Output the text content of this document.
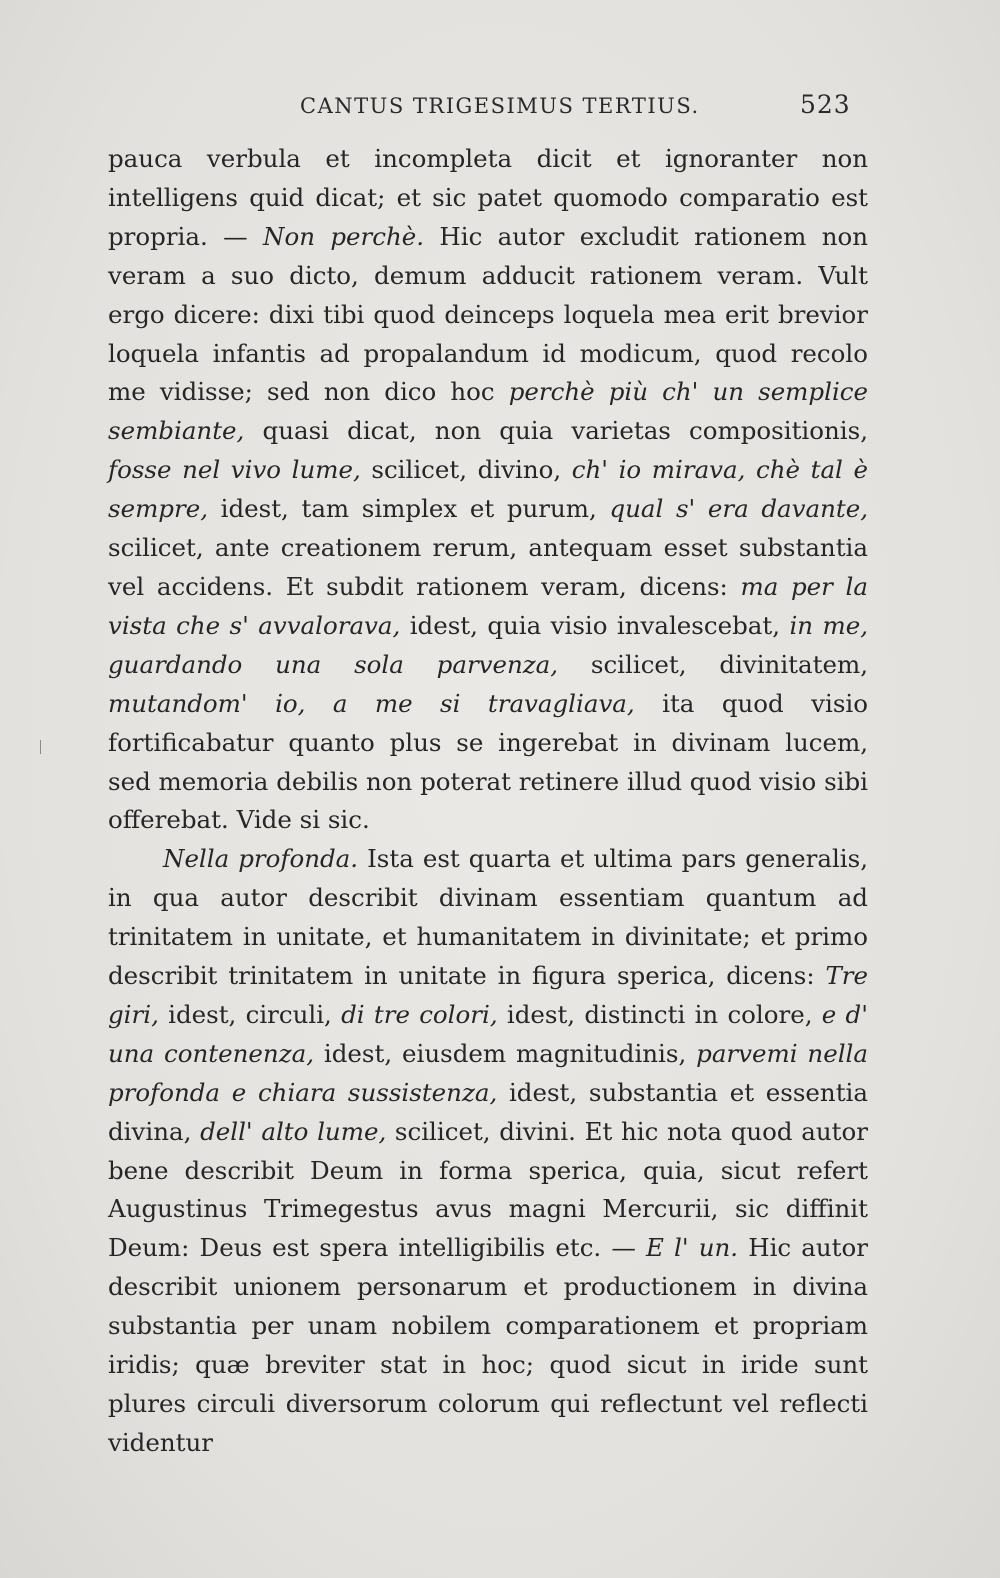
CANTUS TRIGESIMUS TERTIUS.	523

pauca verbula et incompleta dicit et ignoranter non intelligens quid dicat; et sic patet quomodo comparatio est propria. — Non perchè. Hic autor excludit rationem non veram a suo dicto, demum adducit rationem veram. Vult ergo dicere: dixi tibi quod deinceps loquela mea erit brevior loquela infantis ad propalandum id modicum, quod recolo me vidisse; sed non dico hoc perchè più ch' un semplice sembiante, quasi dicat, non quia varietas compositionis, fosse nel vivo lume, scilicet, divino, ch' io mirava, chè tal è sempre, idest, tam simplex et purum, qual s' era davante, scilicet, ante creationem rerum, antequam esset substantia vel accidens. Et subdit rationem veram, dicens: ma per la vista che s' avvalorava, idest, quia visio invalescebat, in me, guardando una sola parvenza, scilicet, divinitatem, mutandom' io, a me si travagliava, ita quod visio fortificabatur quanto plus se ingerebat in divinam lucem, sed memoria debilis non poterat retinere illud quod visio sibi offerebat. Vide si sic.

Nella profonda. Ista est quarta et ultima pars generalis, in qua autor describit divinam essentiam quantum ad trinitatem in unitate, et humanitatem in divinitate; et primo describit trinitatem in unitate in figura sperica, dicens: Tre giri, idest, circuli, di tre colori, idest, distincti in colore, e d' una contenenza, idest, eiusdem magnitudinis, parvemi nella profonda e chiara sussistenza, idest, substantia et essentia divina, dell' alto lume, scilicet, divini. Et hic nota quod autor bene describit Deum in forma sperica, quia, sicut refert Augustinus Trimegestus avus magni Mercurii, sic diffinit Deum: Deus est spera intelligibilis etc. — E l' un. Hic autor describit unionem personarum et productionem in divina substantia per unam nobilem comparationem et propriam iridis; quæ breviter stat in hoc; quod sicut in iride sunt plures circuli diversorum colorum qui reflectunt vel reflecti videntur
